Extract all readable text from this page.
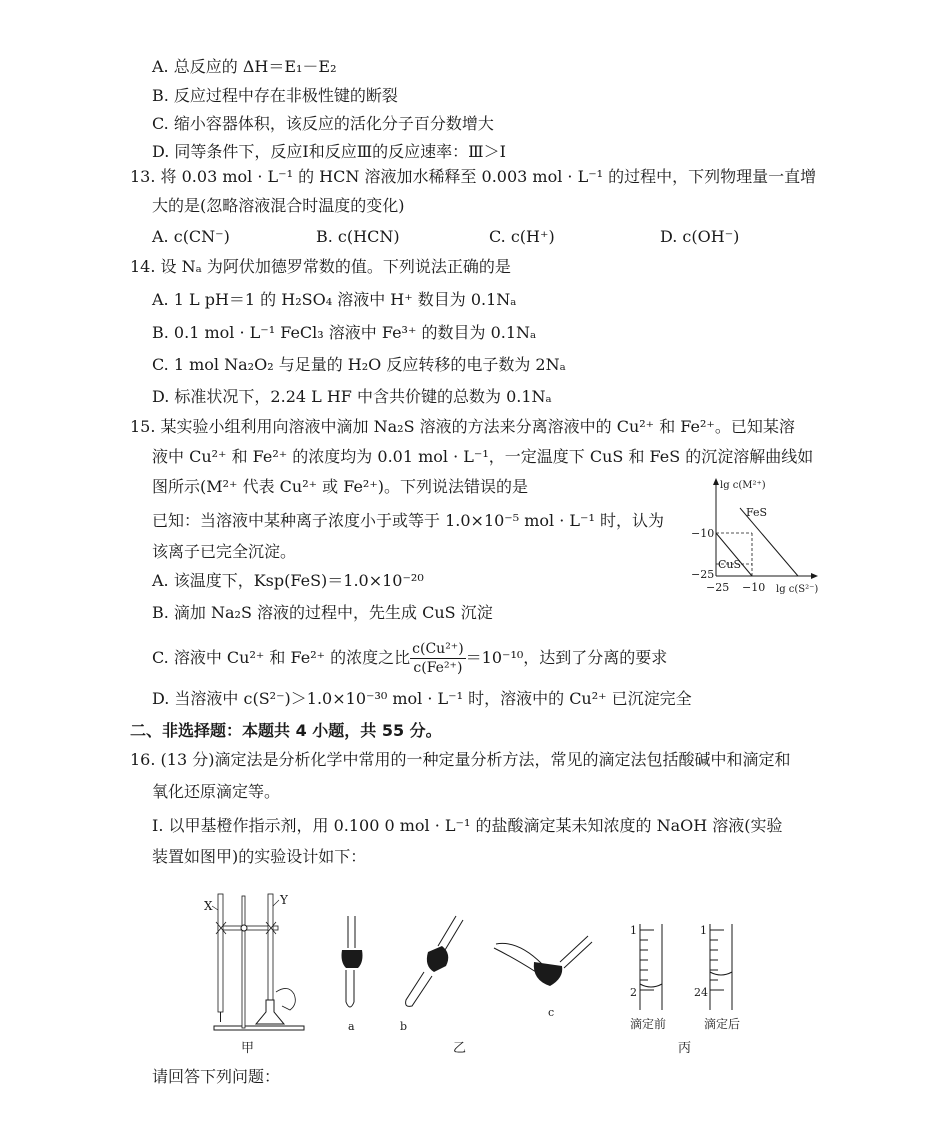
A. 总反应的 ΔH＝E₁－E₂
B. 反应过程中存在非极性键的断裂
C. 缩小容器体积，该反应的活化分子百分数增大
D. 同等条件下，反应Ⅰ和反应Ⅲ的反应速率：Ⅲ＞Ⅰ
13. 将 0.03 mol · L⁻¹ 的 HCN 溶液加水稀释至 0.003 mol · L⁻¹ 的过程中，下列物理量一直增
大的是(忽略溶液混合时温度的变化)
A. c(CN⁻)	B. c(HCN)	C. c(H⁺)	D. c(OH⁻)
14. 设 Nₐ 为阿伏加德罗常数的值。下列说法正确的是
A. 1 L pH＝1 的 H₂SO₄ 溶液中 H⁺ 数目为 0.1Nₐ
B. 0.1 mol · L⁻¹ FeCl₃ 溶液中 Fe³⁺ 的数目为 0.1Nₐ
C. 1 mol Na₂O₂ 与足量的 H₂O 反应转移的电子数为 2Nₐ
D. 标准状况下，2.24 L HF 中含共价键的总数为 0.1Nₐ
15. 某实验小组利用向溶液中滴加 Na₂S 溶液的方法来分离溶液中的 Cu²⁺ 和 Fe²⁺。已知某溶
液中 Cu²⁺ 和 Fe²⁺ 的浓度均为 0.01 mol · L⁻¹，一定温度下 CuS 和 FeS 的沉淀溶解曲线如
图所示(M²⁺ 代表 Cu²⁺ 或 Fe²⁺)。下列说法错误的是
已知：当溶液中某种离子浓度小于或等于 1.0×10⁻⁵ mol · L⁻¹ 时，认为
该离子已完全沉淀。
A. 该温度下，Ksp(FeS)＝1.0×10⁻²⁰
B. 滴加 Na₂S 溶液的过程中，先生成 CuS 沉淀
C. 溶液中 Cu²⁺ 和 Fe²⁺ 的浓度之比 $\frac{\text{c(Cu²⁺)}}{\text{c(Fe²⁺)}} =10^{-10}$，达到了分离的要求
D. 当溶液中 c(S²⁻)＞1.0×10⁻³⁰ mol · L⁻¹ 时，溶液中的 Cu²⁺ 已沉淀完全
lg c(M²⁺)
lg c(S²⁻)
−10
−25
−25 −10
FeS
CuS
二、非选择题：本题共 4 小题，共 55 分。
16. (13 分)滴定法是分析化学中常用的一种定量分析方法，常见的滴定法包括酸碱中和滴定和
氧化还原滴定等。
Ⅰ. 以甲基橙作指示剂，用 0.100 0 mol · L⁻¹ 的盐酸滴定某未知浓度的 NaOH 溶液(实验
装置如图甲)的实验设计如下：
X	Y
甲
a	b
c
乙
1
2
1
24
滴定前	滴定后
丙
请回答下列问题：
